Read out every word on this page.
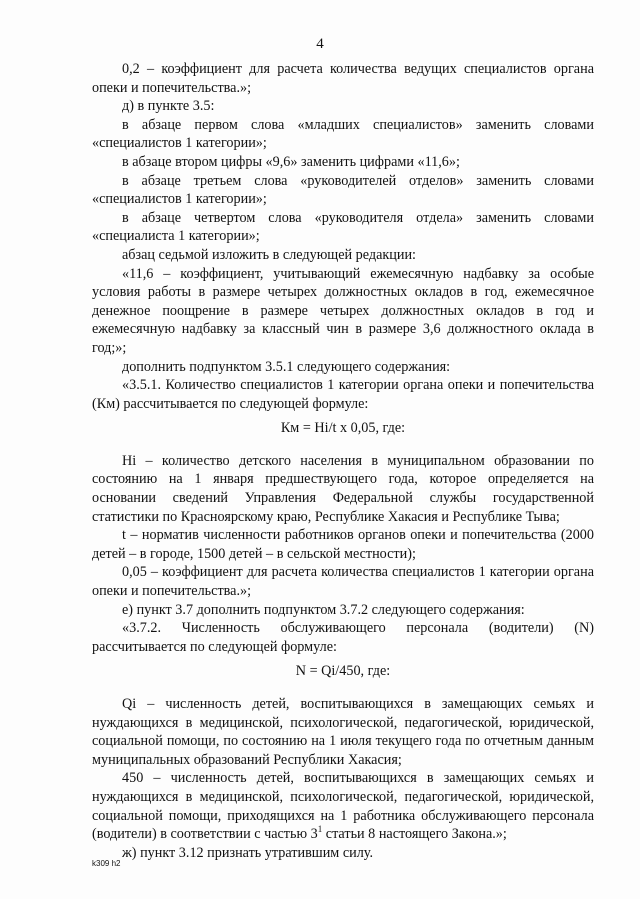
4

0,2 – коэффициент для расчета количества ведущих специалистов органа опеки и попечительства.»;

д) в пункте 3.5:

в абзаце первом слова «младших специалистов» заменить словами «специалистов 1 категории»;

в абзаце втором цифры «9,6» заменить цифрами «11,6»;

в абзаце третьем слова «руководителей отделов» заменить словами «специалистов 1 категории»;

в абзаце четвертом слова «руководителя отдела» заменить словами «специалиста 1 категории»;

абзац седьмой изложить в следующей редакции:

«11,6 – коэффициент, учитывающий ежемесячную надбавку за особые условия работы в размере четырех должностных окладов в год, ежемесячное денежное поощрение в размере четырех должностных окладов в год и ежемесячную надбавку за классный чин в размере 3,6 должностного оклада в год;»;

дополнить подпунктом 3.5.1 следующего содержания:

«3.5.1. Количество специалистов 1 категории органа опеки и попечительства (Км) рассчитывается по следующей формуле:

Км = Нi/t x 0,05, где:

Нi – количество детского населения в муниципальном образовании по состоянию на 1 января предшествующего года, которое определяется на основании сведений Управления Федеральной службы государственной статистики по Красноярскому краю, Республике Хакасия и Республике Тыва;

t – норматив численности работников органов опеки и попечительства (2000 детей – в городе, 1500 детей – в сельской местности);

0,05 – коэффициент для расчета количества специалистов 1 категории органа опеки и попечительства.»;

е) пункт 3.7 дополнить подпунктом 3.7.2 следующего содержания:

«3.7.2. Численность обслуживающего персонала (водители) (N) рассчитывается по следующей формуле:

N = Qi/450, где:

Qi – численность детей, воспитывающихся в замещающих семьях и нуждающихся в медицинской, психологической, педагогической, юридической, социальной помощи, по состоянию на 1 июля текущего года по отчетным данным муниципальных образований Республики Хакасия;

450 – численность детей, воспитывающихся в замещающих семьях и нуждающихся в медицинской, психологической, педагогической, юридической, социальной помощи, приходящихся на 1 работника обслуживающего персонала (водители) в соответствии с частью $3^1$ статьи 8 настоящего Закона.»;

ж) пункт 3.12 признать утратившим силу.

k309 h2
